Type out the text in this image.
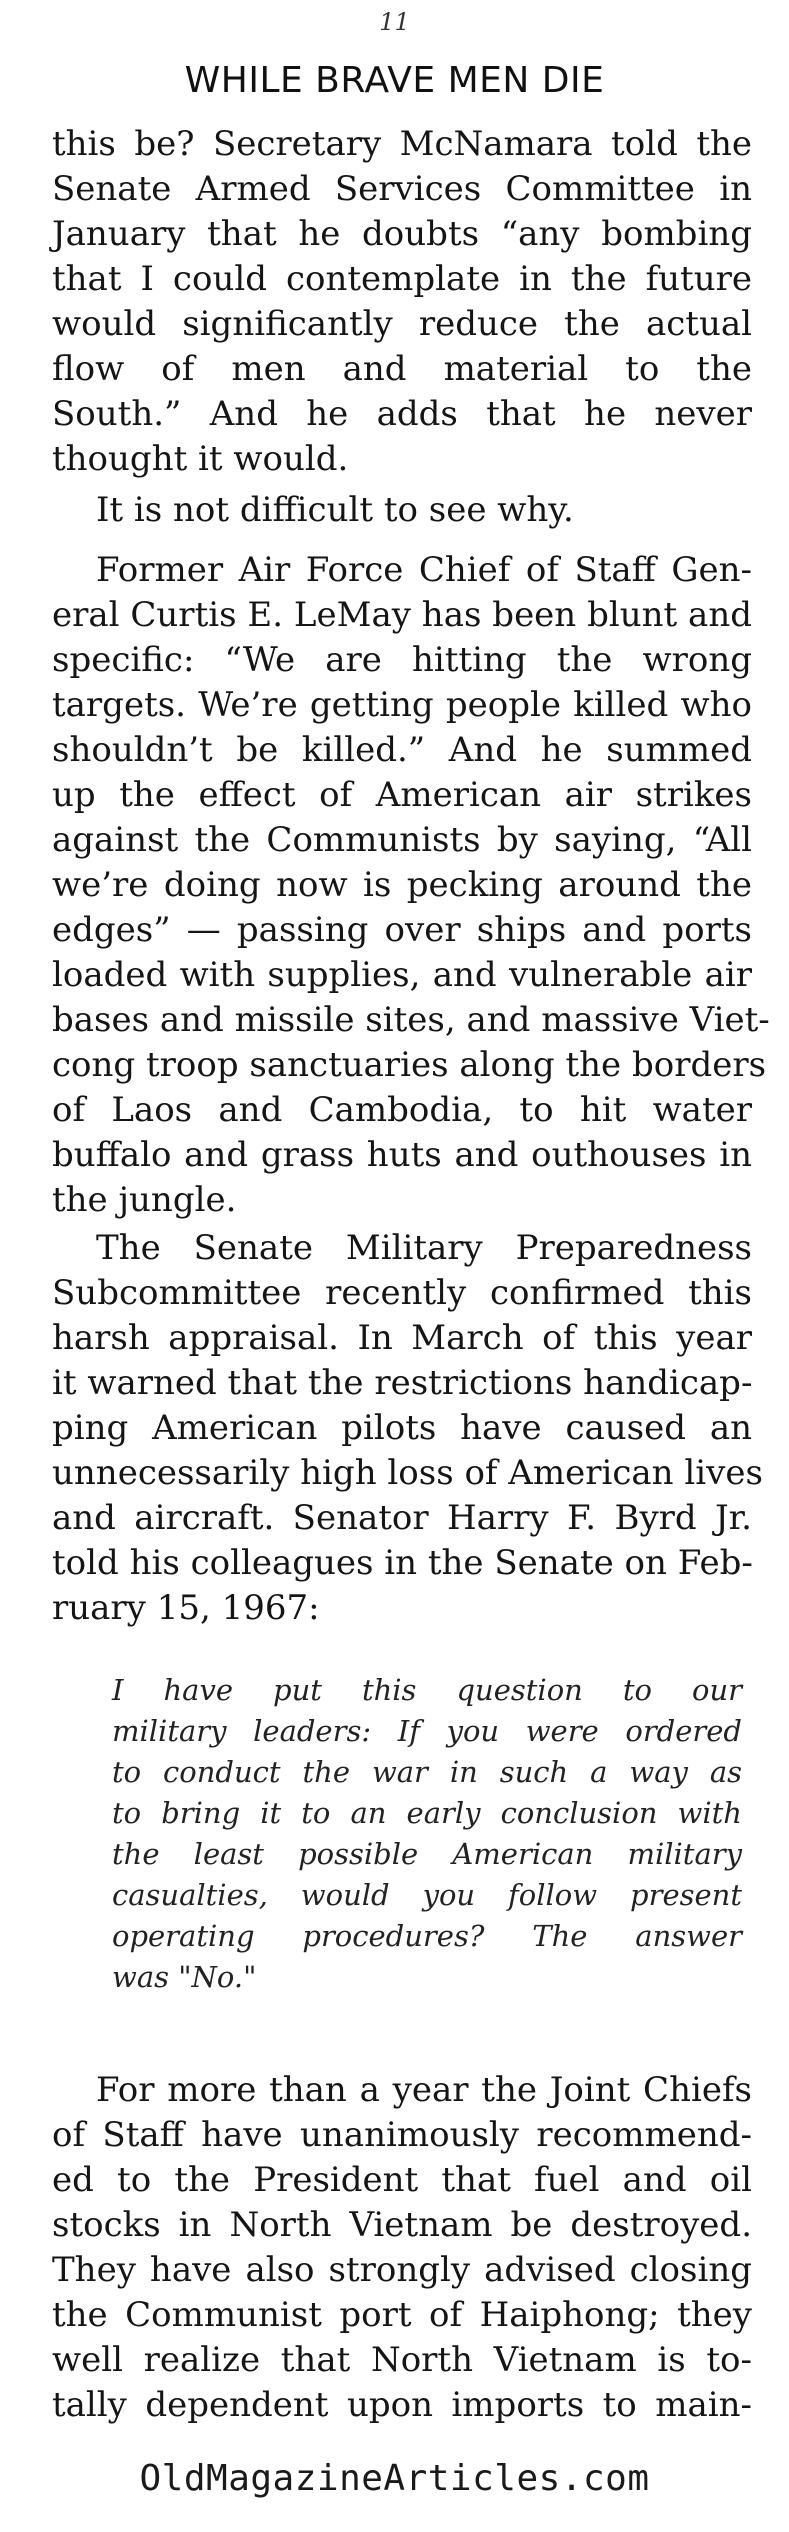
11
WHILE BRAVE MEN DIE
this be? Secretary McNamara told the
Senate Armed Services Committee in
January that he doubts “any bombing
that I could contemplate in the future
would significantly reduce the actual
flow of men and material to the
South.” And he adds that he never
thought it would.
It is not difficult to see why.
Former Air Force Chief of Staff Gen-
eral Curtis E. LeMay has been blunt and
specific: “We are hitting the wrong
targets. We’re getting people killed who
shouldn’t be killed.” And he summed
up the effect of American air strikes
against the Communists by saying, “All
we’re doing now is pecking around the
edges” — passing over ships and ports
loaded with supplies, and vulnerable air
bases and missile sites, and massive Viet-
cong troop sanctuaries along the borders
of Laos and Cambodia, to hit water
buffalo and grass huts and outhouses in
the jungle.
The Senate Military Preparedness
Subcommittee recently confirmed this
harsh appraisal. In March of this year
it warned that the restrictions handicap-
ping American pilots have caused an
unnecessarily high loss of American lives
and aircraft. Senator Harry F. Byrd Jr.
told his colleagues in the Senate on Feb-
ruary 15, 1967:
I have put this question to our
military leaders: If you were ordered
to conduct the war in such a way as
to bring it to an early conclusion with
the least possible American military
casualties, would you follow present
operating procedures? The answer
was "No."
For more than a year the Joint Chiefs
of Staff have unanimously recommend-
ed to the President that fuel and oil
stocks in North Vietnam be destroyed.
They have also strongly advised closing
the Communist port of Haiphong; they
well realize that North Vietnam is to-
tally dependent upon imports to main-
OldMagazineArticles.com
